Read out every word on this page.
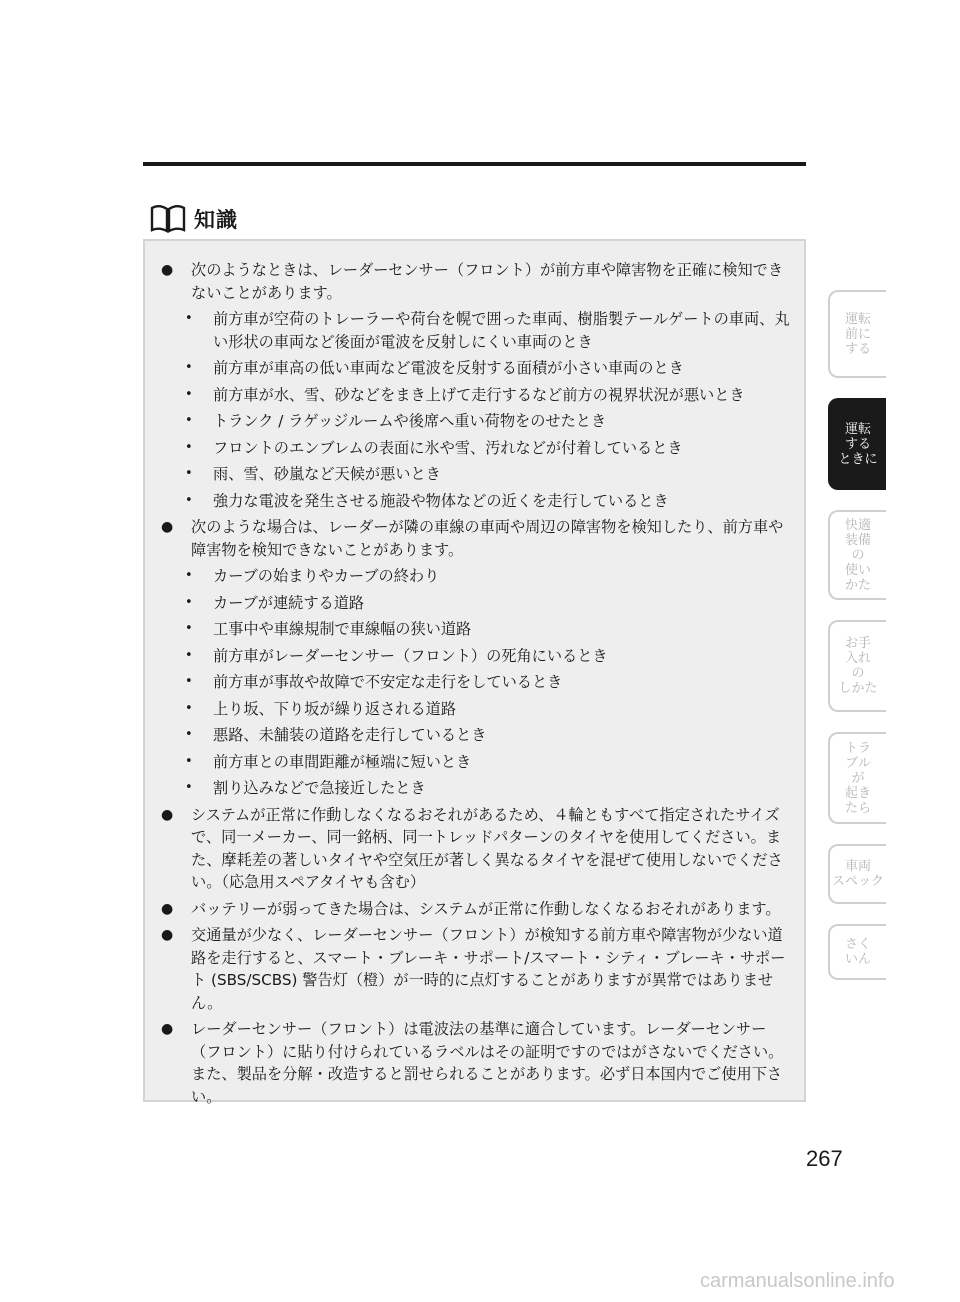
知識
●	次のようなときは、レーダーセンサー（フロント）が前方車や障害物を正確に検知できないことがあります。
•	前方車が空荷のトレーラーや荷台を幌で囲った車両、樹脂製テールゲートの車両、丸い形状の車両など後面が電波を反射しにくい車両のとき
•	前方車が車高の低い車両など電波を反射する面積が小さい車両のとき
•	前方車が水、雪、砂などをまき上げて走行するなど前方の視界状況が悪いとき
•	トランク / ラゲッジルームや後席へ重い荷物をのせたとき
•	フロントのエンブレムの表面に氷や雪、汚れなどが付着しているとき
•	雨、雪、砂嵐など天候が悪いとき
•	強力な電波を発生させる施設や物体などの近くを走行しているとき
●	次のような場合は、レーダーが隣の車線の車両や周辺の障害物を検知したり、前方車や障害物を検知できないことがあります。
•	カーブの始まりやカーブの終わり
•	カーブが連続する道路
•	工事中や車線規制で車線幅の狭い道路
•	前方車がレーダーセンサー（フロント）の死角にいるとき
•	前方車が事故や故障で不安定な走行をしているとき
•	上り坂、下り坂が繰り返される道路
•	悪路、未舗装の道路を走行しているとき
•	前方車との車間距離が極端に短いとき
•	割り込みなどで急接近したとき
●	システムが正常に作動しなくなるおそれがあるため、４輪ともすべて指定されたサイズで、同一メーカー、同一銘柄、同一トレッドパターンのタイヤを使用してください。また、摩耗差の著しいタイヤや空気圧が著しく異なるタイヤを混ぜて使用しないでください。（応急用スペアタイヤも含む）
●	バッテリーが弱ってきた場合は、システムが正常に作動しなくなるおそれがあります。
●	交通量が少なく、レーダーセンサー（フロント）が検知する前方車や障害物が少ない道路を走行すると、スマート・ブレーキ・サポート/スマート・シティ・ブレーキ・サポート (SBS/SCBS) 警告灯（橙）が一時的に点灯することがありますが異常ではありません。
●	レーダーセンサー（フロント）は電波法の基準に適合しています。レーダーセンサー（フロント）に貼り付けられているラベルはその証明ですのではがさないでください。また、製品を分解・改造すると罰せられることがあります。必ず日本国内でご使用下さい。
運転
前に
する
運転
する
ときに
快適
装備
の
使い
かた
お手
入れ
の
しかた
トラ
ブル
が
起き
たら
車両
スペック
さく
いん
267
carmanualsonline.info
